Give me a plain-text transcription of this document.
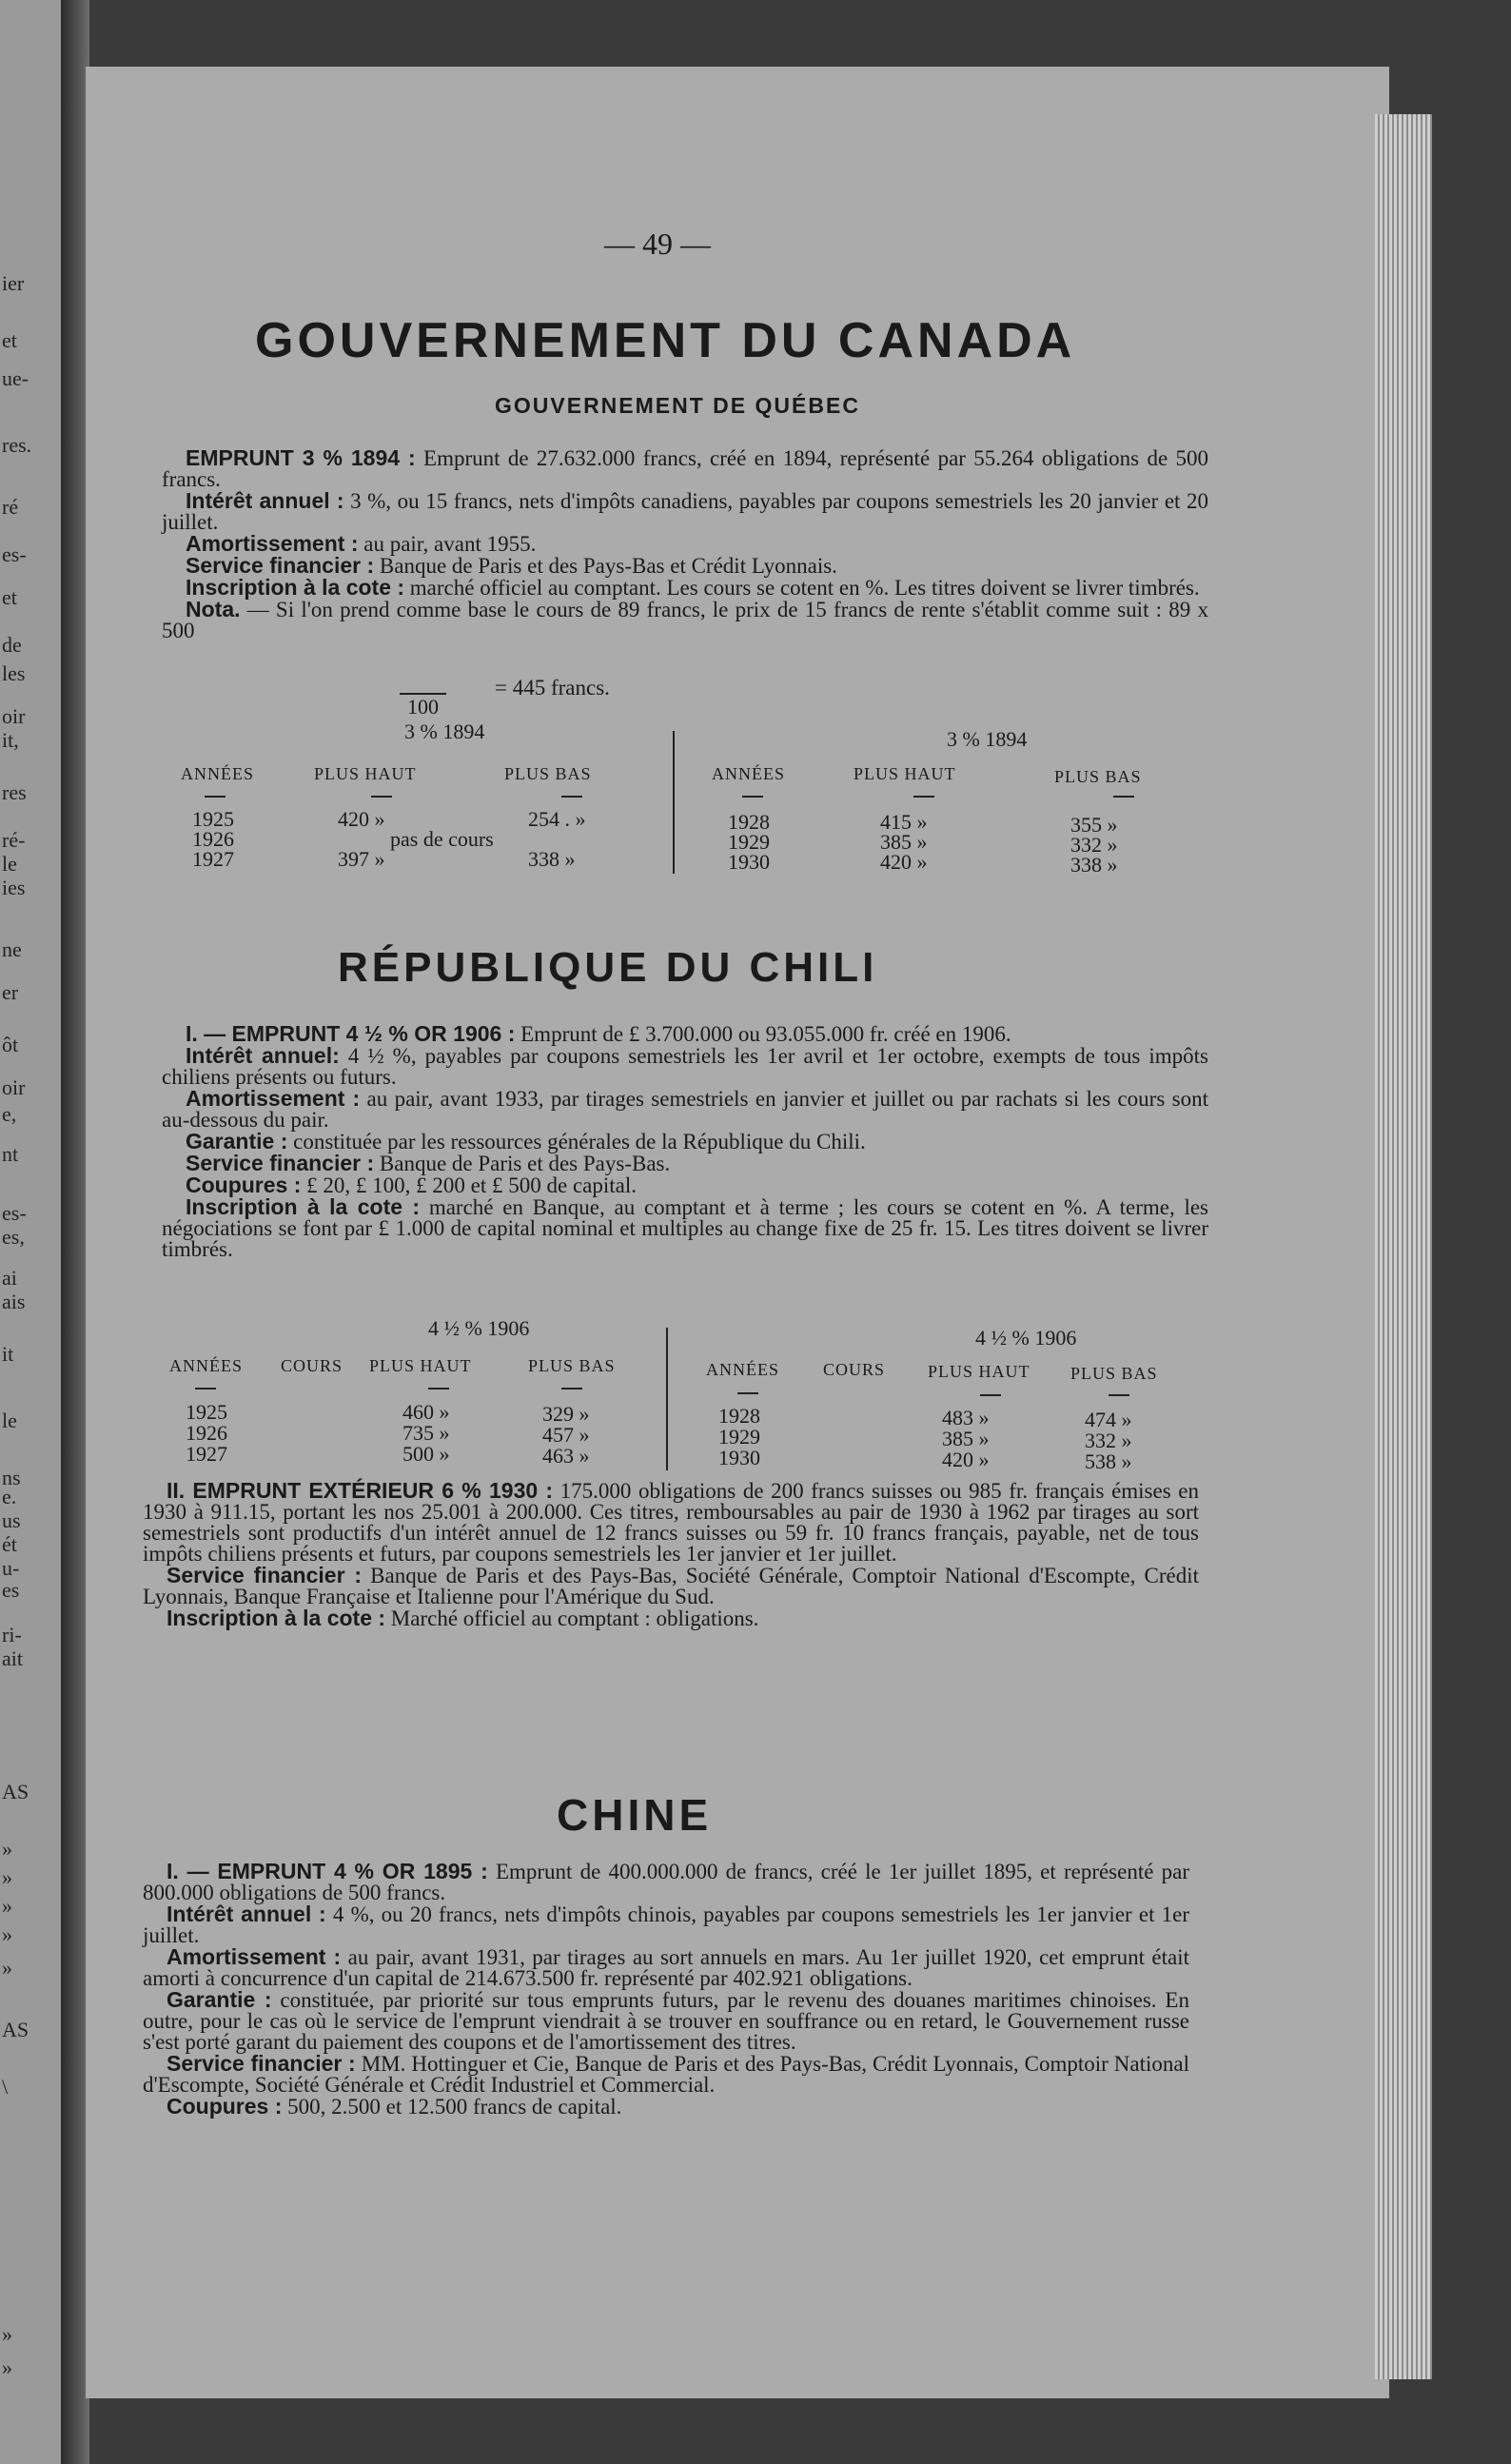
ier
et
ue-
res.
ré
es-
et
de
les
oir
it,
res
ré-
le
ies
ne
er
ôt
oir
e,
nt
es-
es,
ai
ais
it
le
ns
e.
us
ét
u-
es
ri-
ait
AS
»
»
»
»
»
AS
\
»
»
— 49 —
GOUVERNEMENT DU CANADA
GOUVERNEMENT DE QUÉBEC
EMPRUNT 3 % 1894 : Emprunt de 27.632.000 francs, créé en 1894, représenté par 55.264 obligations de 500 francs.
Intérêt annuel : 3 %, ou 15 francs, nets d'impôts canadiens, payables par coupons semestriels les 20 janvier et 20 juillet.
Amortissement : au pair, avant 1955.
Service financier : Banque de Paris et des Pays-Bas et Crédit Lyonnais.
Inscription à la cote : marché officiel au comptant. Les cours se cotent en %. Les titres doivent se livrer timbrés.
Nota. — Si l'on prend comme base le cours de 89 francs, le prix de 15 francs de rente s'établit comme suit : 89 x 500
100
= 445 francs.
3 % 1894	3 % 1894
ANNÉES	PLUS HAUT	PLUS BAS	ANNÉES	PLUS HAUT	PLUS BAS
1925	420 »	254 . »
1926	pas de cours
1927	397 »	338 »
1928	415 »	355 »
1929	385 »	332 »
1930	420 »	338 »
RÉPUBLIQUE DU CHILI
I. — EMPRUNT 4 ½ % OR 1906 : Emprunt de £ 3.700.000 ou 93.055.000 fr. créé en 1906.
Intérêt annuel: 4 ½ %, payables par coupons semestriels les 1er avril et 1er octobre, exempts de tous impôts chiliens présents ou futurs.
Amortissement : au pair, avant 1933, par tirages semestriels en janvier et juillet ou par rachats si les cours sont au-dessous du pair.
Garantie : constituée par les ressources générales de la République du Chili.
Service financier : Banque de Paris et des Pays-Bas.
Coupures : £ 20, £ 100, £ 200 et £ 500 de capital.
Inscription à la cote : marché en Banque, au comptant et à terme ; les cours se cotent en %. A terme, les négociations se font par £ 1.000 de capital nominal et multiples au change fixe de 25 fr. 15. Les titres doivent se livrer timbrés.
4 ½ % 1906	4 ½ % 1906
ANNÉES COURS PLUS HAUT	PLUS BAS	ANNÉES	COURS PLUS HAUT PLUS BAS
1925	460 »	329 »
1926	735 »	457 »
1927	500 »	463 »
1928	483 »	474 »
1929	385 »	332 »
1930	420 »	538 »
II. EMPRUNT EXTÉRIEUR 6 % 1930 : 175.000 obligations de 200 francs suisses ou 985 fr. français émises en 1930 à 911.15, portant les nos 25.001 à 200.000. Ces titres, remboursables au pair de 1930 à 1962 par tirages au sort semestriels sont productifs d'un intérêt annuel de 12 francs suisses ou 59 fr. 10 francs français, payable, net de tous impôts chiliens présents et futurs, par coupons semestriels les 1er janvier et 1er juillet.
Service financier : Banque de Paris et des Pays-Bas, Société Générale, Comptoir National d'Escompte, Crédit Lyonnais, Banque Française et Italienne pour l'Amérique du Sud.
Inscription à la cote : Marché officiel au comptant : obligations.
CHINE
I. — EMPRUNT 4 % OR 1895 : Emprunt de 400.000.000 de francs, créé le 1er juillet 1895, et représenté par 800.000 obligations de 500 francs.
Intérêt annuel : 4 %, ou 20 francs, nets d'impôts chinois, payables par coupons semestriels les 1er janvier et 1er juillet.
Amortissement : au pair, avant 1931, par tirages au sort annuels en mars. Au 1er juillet 1920, cet emprunt était amorti à concurrence d'un capital de 214.673.500 fr. représenté par 402.921 obligations.
Garantie : constituée, par priorité sur tous emprunts futurs, par le revenu des douanes maritimes chinoises. En outre, pour le cas où le service de l'emprunt viendrait à se trouver en souffrance ou en retard, le Gouvernement russe s'est porté garant du paiement des coupons et de l'amortissement des titres.
Service financier : MM. Hottinguer et Cie, Banque de Paris et des Pays-Bas, Crédit Lyonnais, Comptoir National d'Escompte, Société Générale et Crédit Industriel et Commercial.
Coupures : 500, 2.500 et 12.500 francs de capital.
